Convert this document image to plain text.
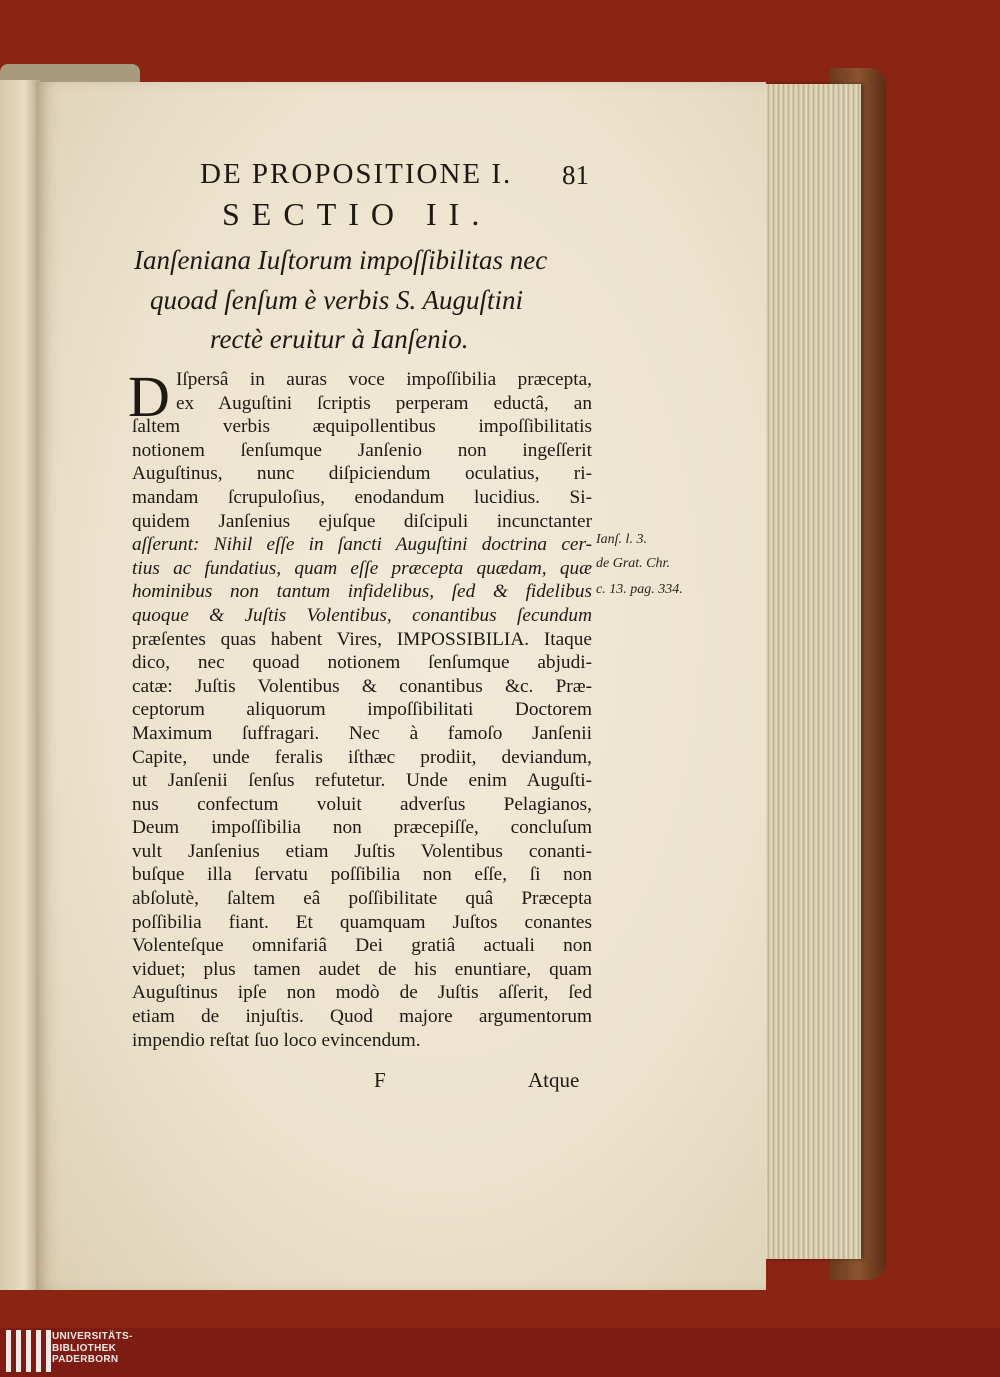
DE PROPOSITIONE I. 81
SECTIO II.
Ianſeniana Iuſtorum impoſſibilitas nec
quoad ſenſum è verbis S. Auguſtini
rectè eruitur à Ianſenio.
D Iſpersâ in auras voce impoſſibilia præcepta,
ex Auguſtini ſcriptis perperam eductâ, an
ſaltem verbis æquipollentibus impoſſibilitatis
notionem ſenſumque Janſenio non ingeſſerit
Auguſtinus, nunc diſpiciendum oculatius, ri-
mandam ſcrupuloſius, enodandum lucidius. Si-
quidem Janſenius ejuſque diſcipuli incunctanter
aſſerunt: Nihil eſſe in ſancti Auguſtini doctrina cer-
tius ac fundatius, quam eſſe præcepta quædam, quæ
hominibus non tantum infidelibus, ſed & fidelibus
quoque & Juſtis Volentibus, conantibus ſecundum
præſentes quas habent Vires, IMPOSSIBILIA. Itaque
dico, nec quoad notionem ſenſumque abjudi-
catæ: Juſtis Volentibus & conantibus &c. Præ-
ceptorum aliquorum impoſſibilitati Doctorem
Maximum ſuffragari. Nec à famoſo Janſenii
Capite, unde feralis iſthæc prodiit, deviandum,
ut Janſenii ſenſus refutetur. Unde enim Auguſti-
nus confectum voluit adverſus Pelagianos,
Deum impoſſibilia non præcepiſſe, concluſum
vult Janſenius etiam Juſtis Volentibus conanti-
buſque illa ſervatu poſſibilia non eſſe, ſi non
abſolutè, ſaltem eâ poſſibilitate quâ Præcepta
poſſibilia fiant. Et quamquam Juſtos conantes
Volenteſque omnifariâ Dei gratiâ actuali non
viduet; plus tamen audet de his enuntiare, quam
Auguſtinus ipſe non modò de Juſtis aſſerit, ſed
etiam de injuſtis. Quod majore argumentorum
impendio reſtat ſuo loco evincendum.
Ianſ. l. 3.
de Grat. Chr.
c. 13. pag. 334.
F	Atque
UNIVERSITÄTS-
BIBLIOTHEK
PADERBORN
